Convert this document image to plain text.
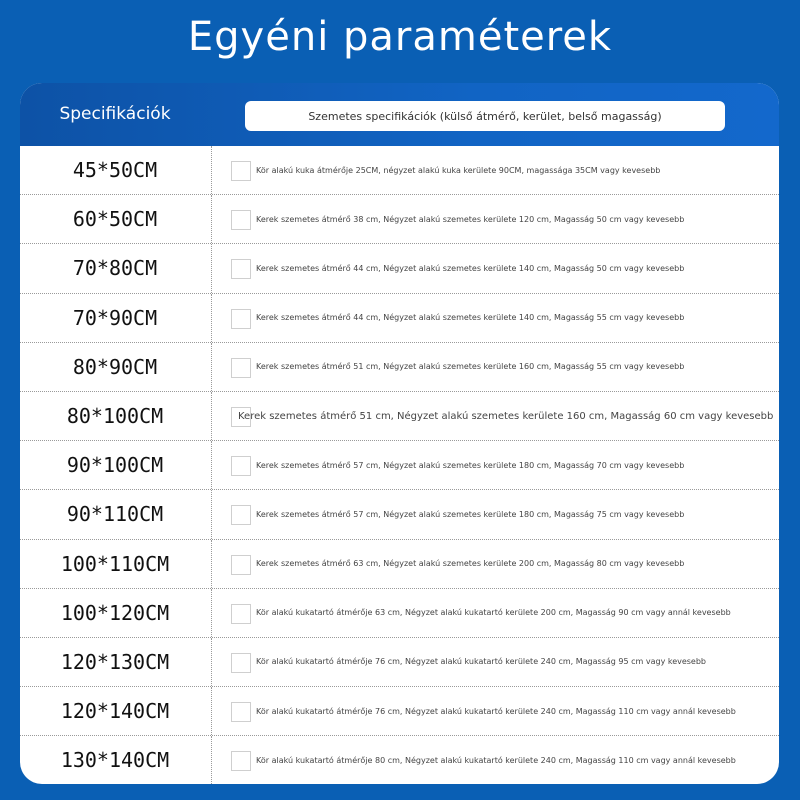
Egyéni paraméterek
Specifikációk	Szemetes specifikációk (külső átmérő, kerület, belső magasság)
45*50CM	Kör alakú kuka átmérője 25CM, négyzet alakú kuka kerülete 90CM, magassága 35CM vagy kevesebb
60*50CM	Kerek szemetes átmérő 38 cm, Négyzet alakú szemetes kerülete 120 cm, Magasság 50 cm vagy kevesebb
70*80CM	Kerek szemetes átmérő 44 cm, Négyzet alakú szemetes kerülete 140 cm, Magasság 50 cm vagy kevesebb
70*90CM	Kerek szemetes átmérő 44 cm, Négyzet alakú szemetes kerülete 140 cm, Magasság 55 cm vagy kevesebb
80*90CM	Kerek szemetes átmérő 51 cm, Négyzet alakú szemetes kerülete 160 cm, Magasság 55 cm vagy kevesebb
80*100CM	Kerek szemetes átmérő 51 cm, Négyzet alakú szemetes kerülete 160 cm, Magasság 60 cm vagy kevesebb
90*100CM	Kerek szemetes átmérő 57 cm, Négyzet alakú szemetes kerülete 180 cm, Magasság 70 cm vagy kevesebb
90*110CM	Kerek szemetes átmérő 57 cm, Négyzet alakú szemetes kerülete 180 cm, Magasság 75 cm vagy kevesebb
100*110CM	Kerek szemetes átmérő 63 cm, Négyzet alakú szemetes kerülete 200 cm, Magasság 80 cm vagy kevesebb
100*120CM	Kör alakú kukatartó átmérője 63 cm, Négyzet alakú kukatartó kerülete 200 cm, Magasság 90 cm vagy annál kevesebb
120*130CM	Kör alakú kukatartó átmérője 76 cm, Négyzet alakú kukatartó kerülete 240 cm, Magasság 95 cm vagy kevesebb
120*140CM	Kör alakú kukatartó átmérője 76 cm, Négyzet alakú kukatartó kerülete 240 cm, Magasság 110 cm vagy annál kevesebb
130*140CM	Kör alakú kukatartó átmérője 80 cm, Négyzet alakú kukatartó kerülete 240 cm, Magasság 110 cm vagy annál kevesebb
